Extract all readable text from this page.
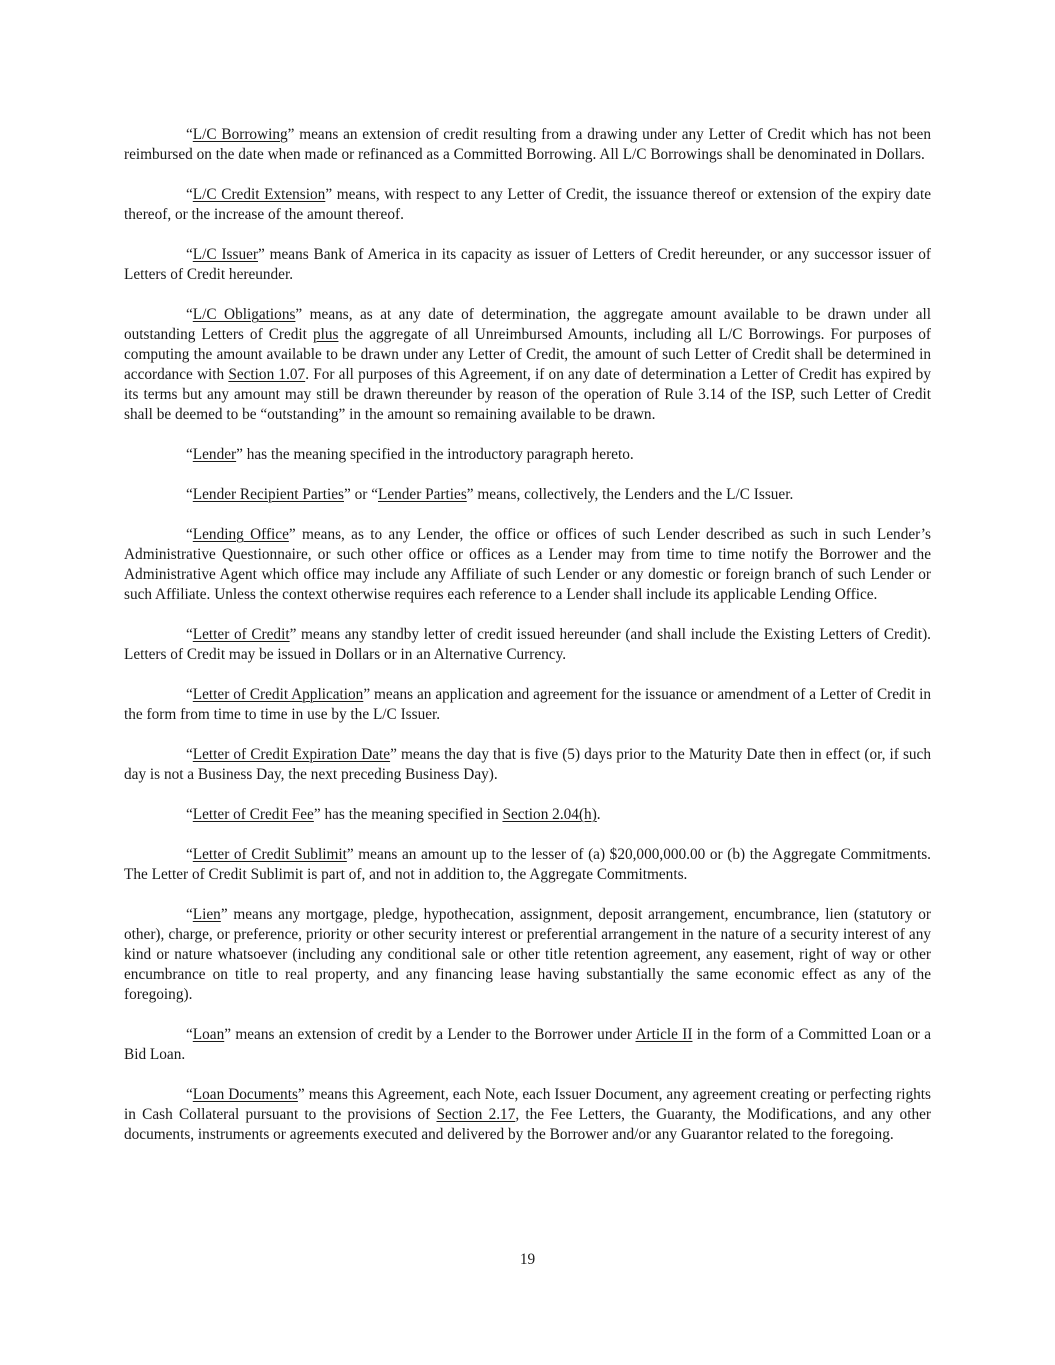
“L/C Borrowing” means an extension of credit resulting from a drawing under any Letter of Credit which has not been reimbursed on the date when made or refinanced as a Committed Borrowing. All L/C Borrowings shall be denominated in Dollars.

“L/C Credit Extension” means, with respect to any Letter of Credit, the issuance thereof or extension of the expiry date thereof, or the increase of the amount thereof.

“L/C Issuer” means Bank of America in its capacity as issuer of Letters of Credit hereunder, or any successor issuer of Letters of Credit hereunder.

“L/C Obligations” means, as at any date of determination, the aggregate amount available to be drawn under all outstanding Letters of Credit plus the aggregate of all Unreimbursed Amounts, including all L/C Borrowings. For purposes of computing the amount available to be drawn under any Letter of Credit, the amount of such Letter of Credit shall be determined in accordance with Section 1.07. For all purposes of this Agreement, if on any date of determination a Letter of Credit has expired by its terms but any amount may still be drawn thereunder by reason of the operation of Rule 3.14 of the ISP, such Letter of Credit shall be deemed to be “outstanding” in the amount so remaining available to be drawn.

“Lender” has the meaning specified in the introductory paragraph hereto.

“Lender Recipient Parties” or “Lender Parties” means, collectively, the Lenders and the L/C Issuer.

“Lending Office” means, as to any Lender, the office or offices of such Lender described as such in such Lender’s Administrative Questionnaire, or such other office or offices as a Lender may from time to time notify the Borrower and the Administrative Agent which office may include any Affiliate of such Lender or any domestic or foreign branch of such Lender or such Affiliate. Unless the context otherwise requires each reference to a Lender shall include its applicable Lending Office.

“Letter of Credit” means any standby letter of credit issued hereunder (and shall include the Existing Letters of Credit). Letters of Credit may be issued in Dollars or in an Alternative Currency.

“Letter of Credit Application” means an application and agreement for the issuance or amendment of a Letter of Credit in the form from time to time in use by the L/C Issuer.

“Letter of Credit Expiration Date” means the day that is five (5) days prior to the Maturity Date then in effect (or, if such day is not a Business Day, the next preceding Business Day).

“Letter of Credit Fee” has the meaning specified in Section 2.04(h).

“Letter of Credit Sublimit” means an amount up to the lesser of (a) $20,000,000.00 or (b) the Aggregate Commitments. The Letter of Credit Sublimit is part of, and not in addition to, the Aggregate Commitments.

“Lien” means any mortgage, pledge, hypothecation, assignment, deposit arrangement, encumbrance, lien (statutory or other), charge, or preference, priority or other security interest or preferential arrangement in the nature of a security interest of any kind or nature whatsoever (including any conditional sale or other title retention agreement, any easement, right of way or other encumbrance on title to real property, and any financing lease having substantially the same economic effect as any of the foregoing).

“Loan” means an extension of credit by a Lender to the Borrower under Article II in the form of a Committed Loan or a Bid Loan.

“Loan Documents” means this Agreement, each Note, each Issuer Document, any agreement creating or perfecting rights in Cash Collateral pursuant to the provisions of Section 2.17, the Fee Letters, the Guaranty, the Modifications, and any other documents, instruments or agreements executed and delivered by the Borrower and/or any Guarantor related to the foregoing.

19
